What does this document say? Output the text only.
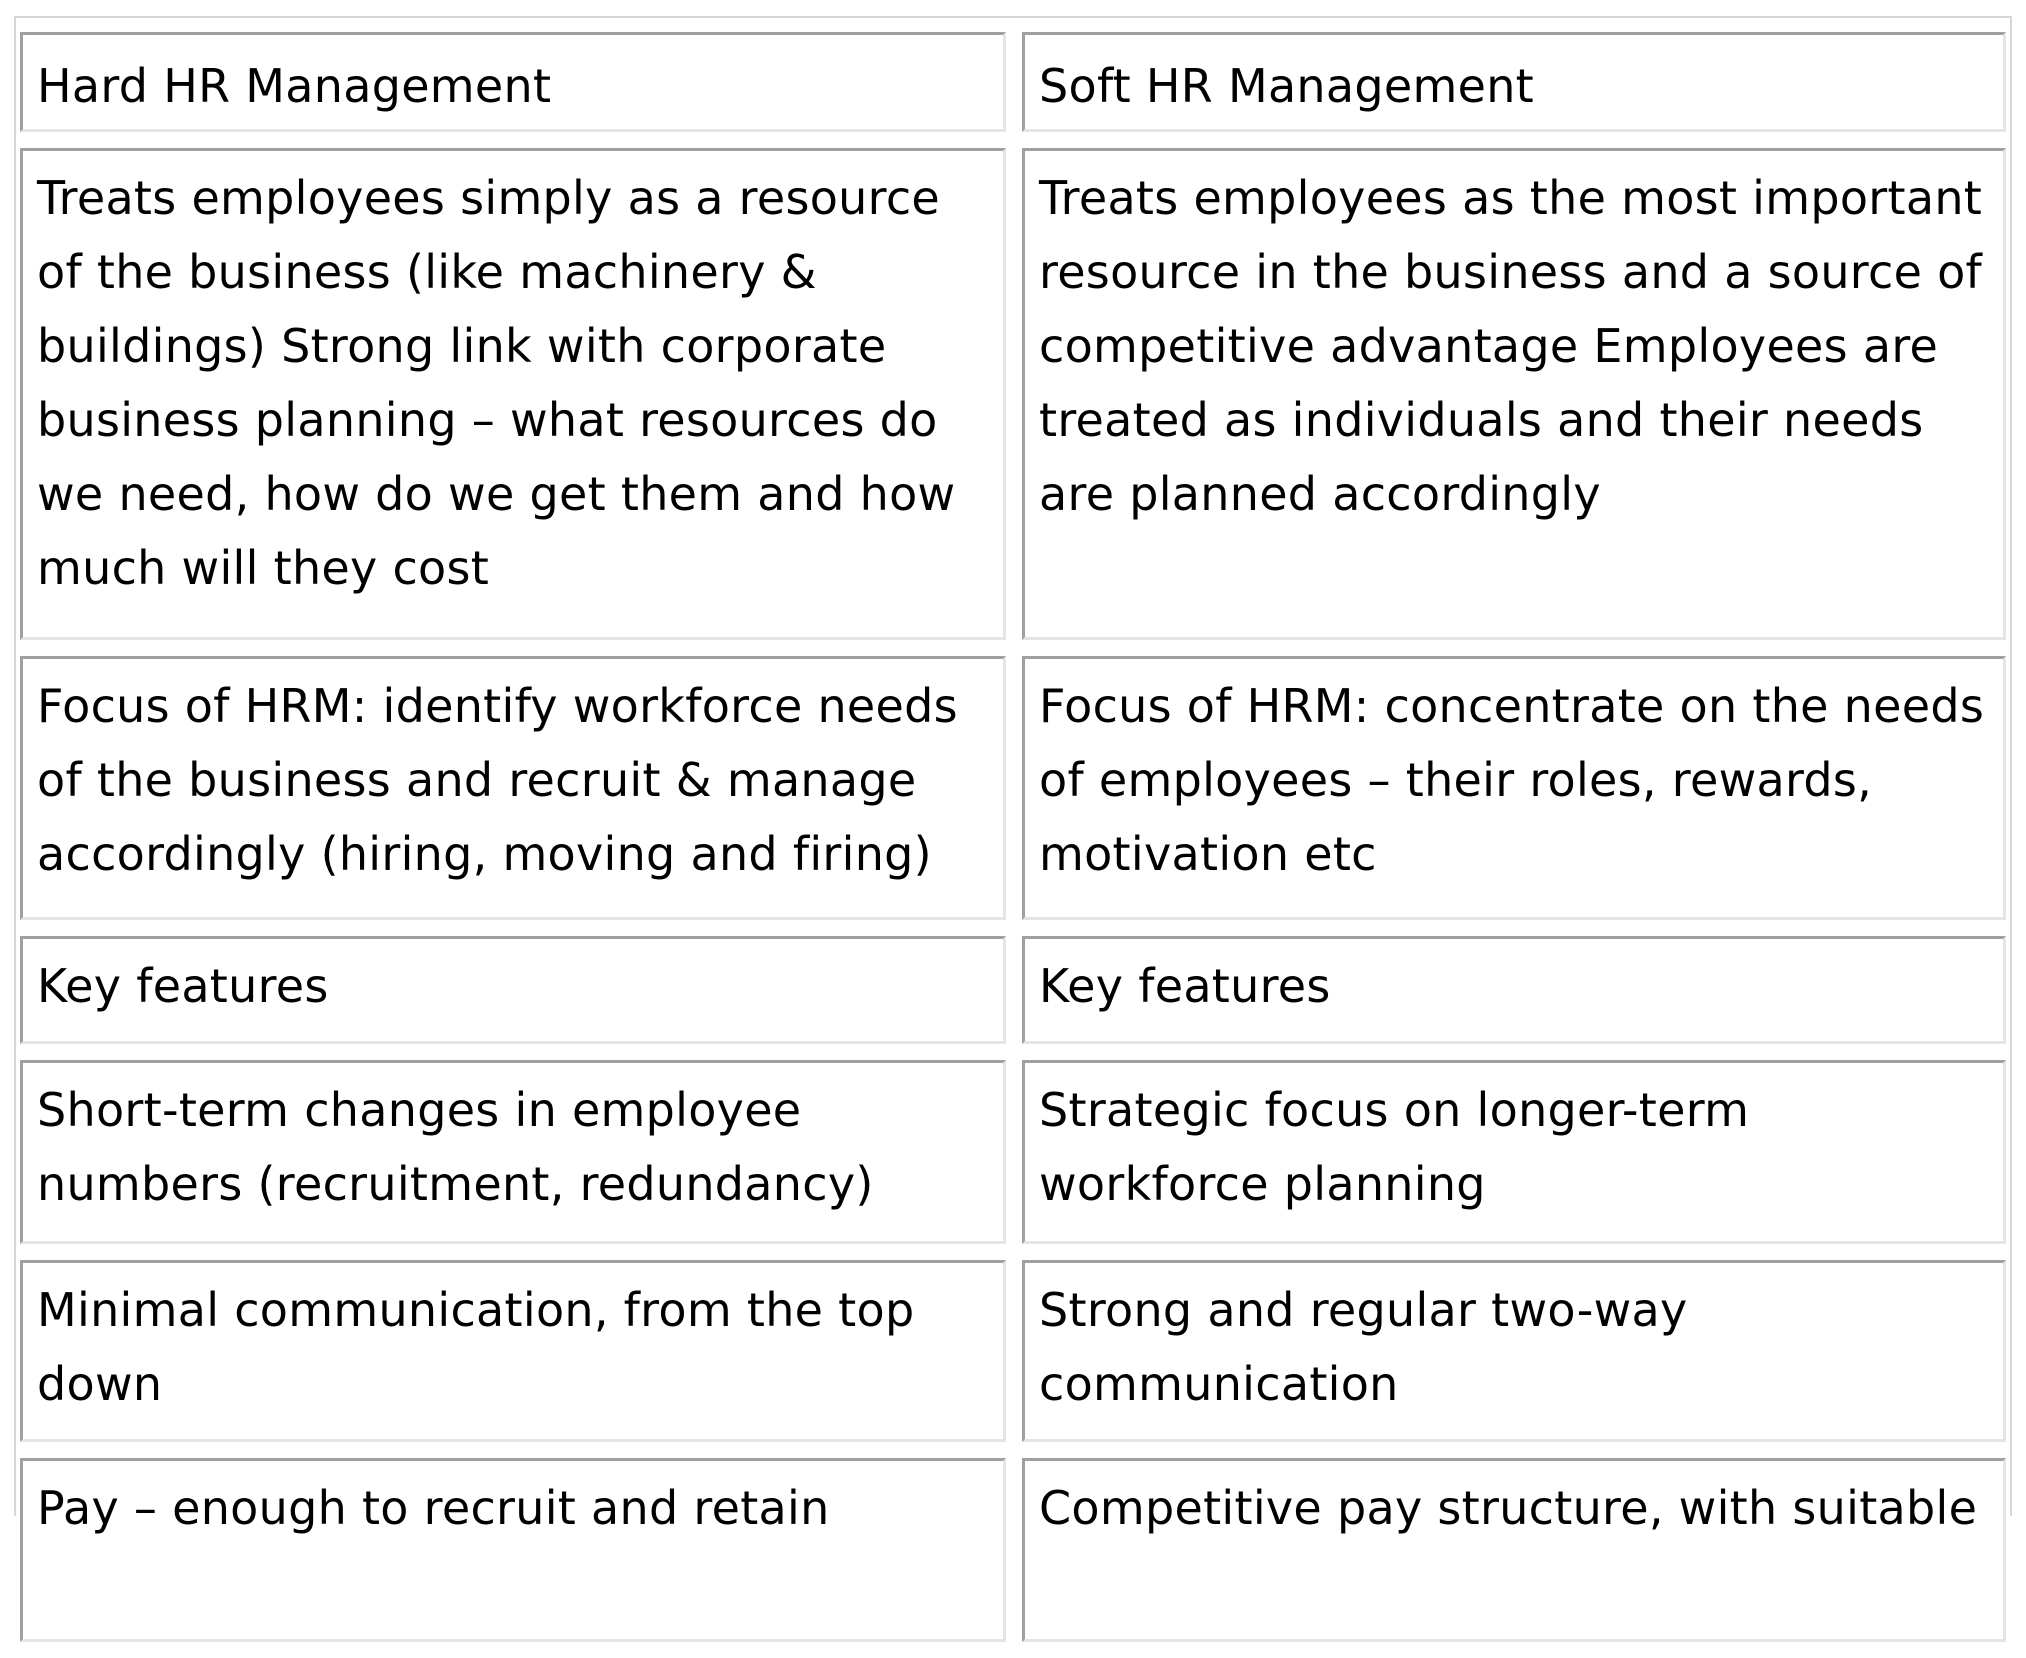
Hard HR Management	Soft HR Management
Treats employees simply as a resource of the business (like machinery & buildings) Strong link with corporate business planning – what resources do we need, how do we get them and how much will they cost	Treats employees as the most important resource in the business and a source of competitive advantage Employees are treated as individuals and their needs are planned accordingly
Focus of HRM: identify workforce needs of the business and recruit & manage accordingly (hiring, moving and firing)	Focus of HRM: concentrate on the needs of employees – their roles, rewards, motivation etc
Key features	Key features
Short-term changes in employee numbers (recruitment, redundancy)	Strategic focus on longer-term workforce planning
Minimal communication, from the top down	Strong and regular two-way communication
Pay – enough to recruit and retain	Competitive pay structure, with suitable
